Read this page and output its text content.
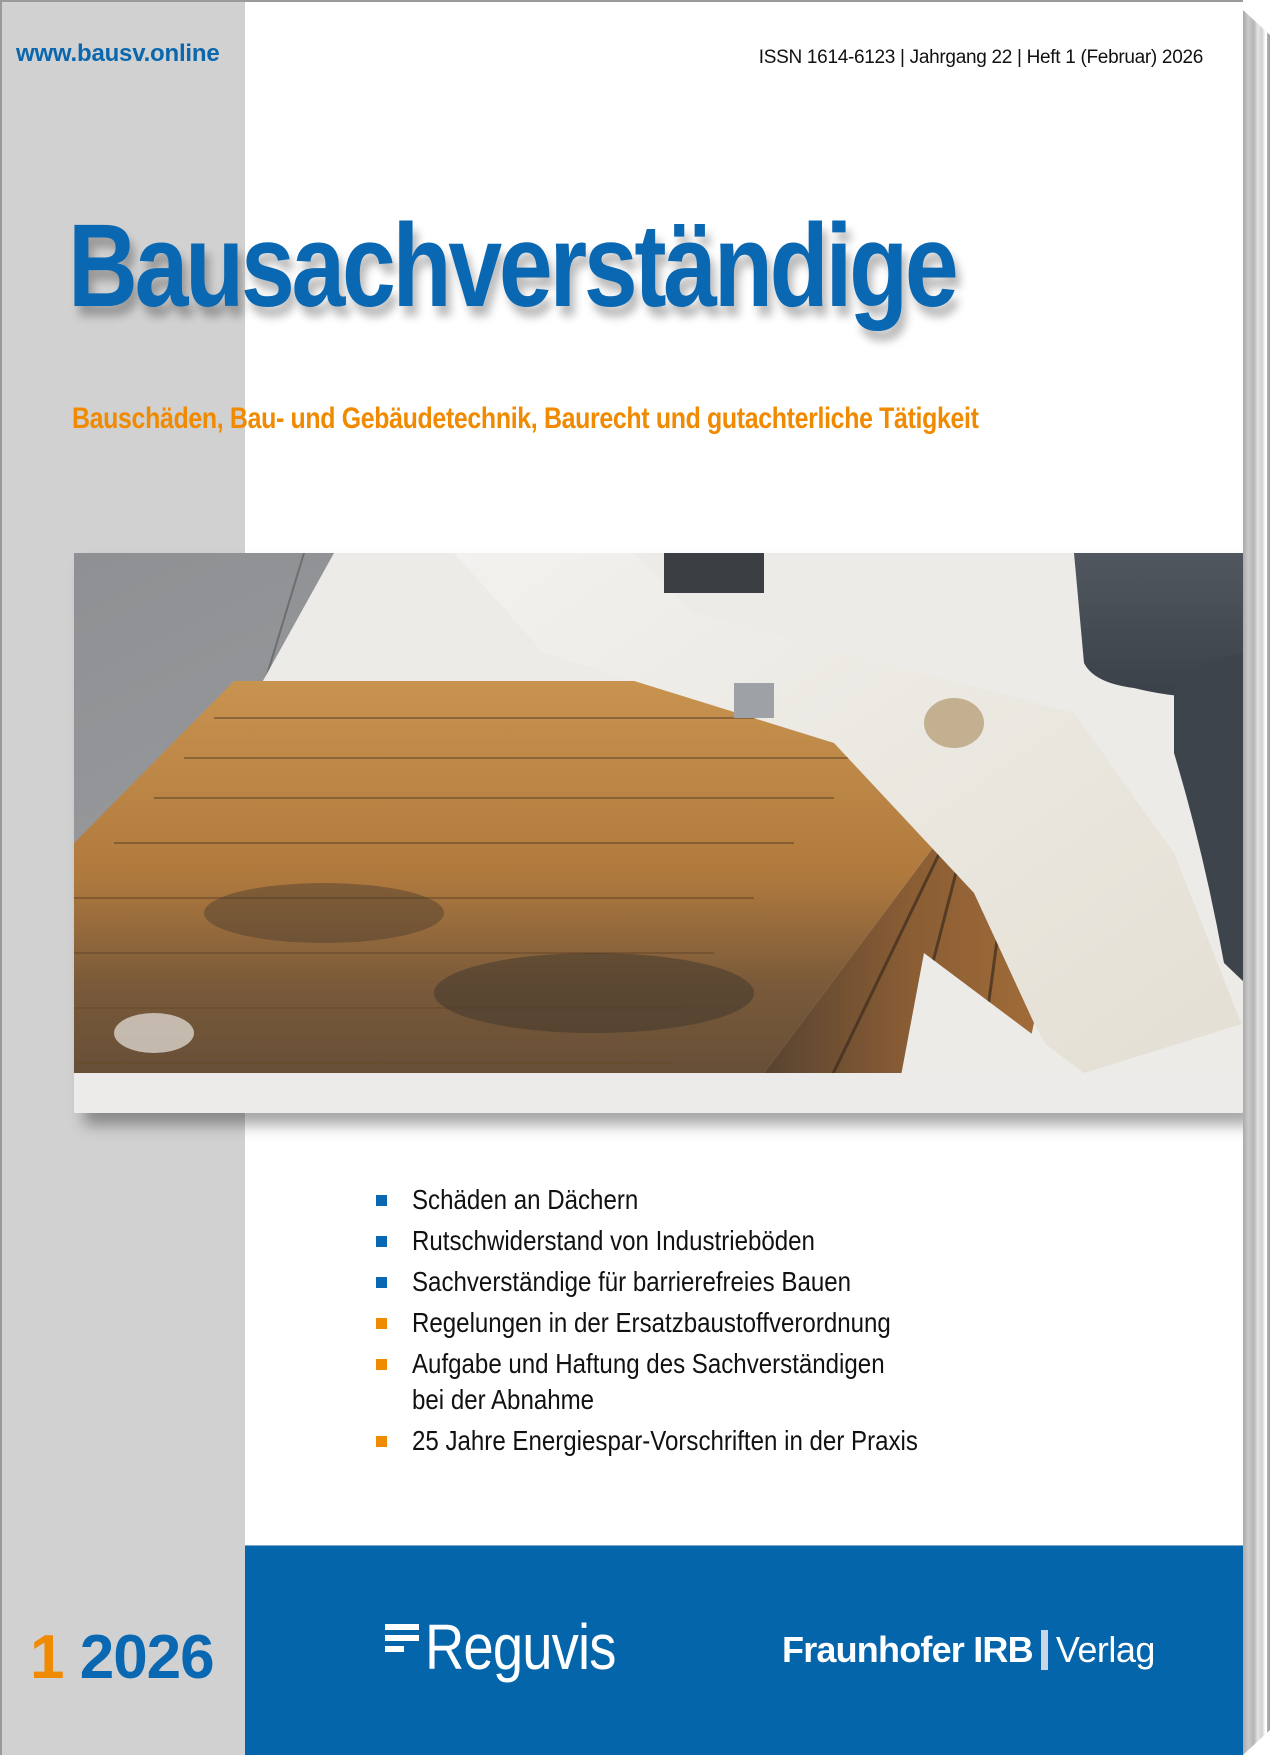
www.bausv.online	ISSN 1614-6123 | Jahrgang 22 | Heft 1 (Februar) 2026
Bausachverständige
Bauschäden, Bau- und Gebäudetechnik, Baurecht und gutachterliche Tätigkeit
Schäden an Dächern
Rutschwiderstand von Industrieböden
Sachverständige für barrierefreies Bauen
Regelungen in der Ersatzbaustoffverordnung
Aufgabe und Haftung des Sachverständigen
bei der Abnahme
25 Jahre Energiespar-Vorschriften in der Praxis
1 2026	Reguvis	Fraunhofer IRB Verlag
